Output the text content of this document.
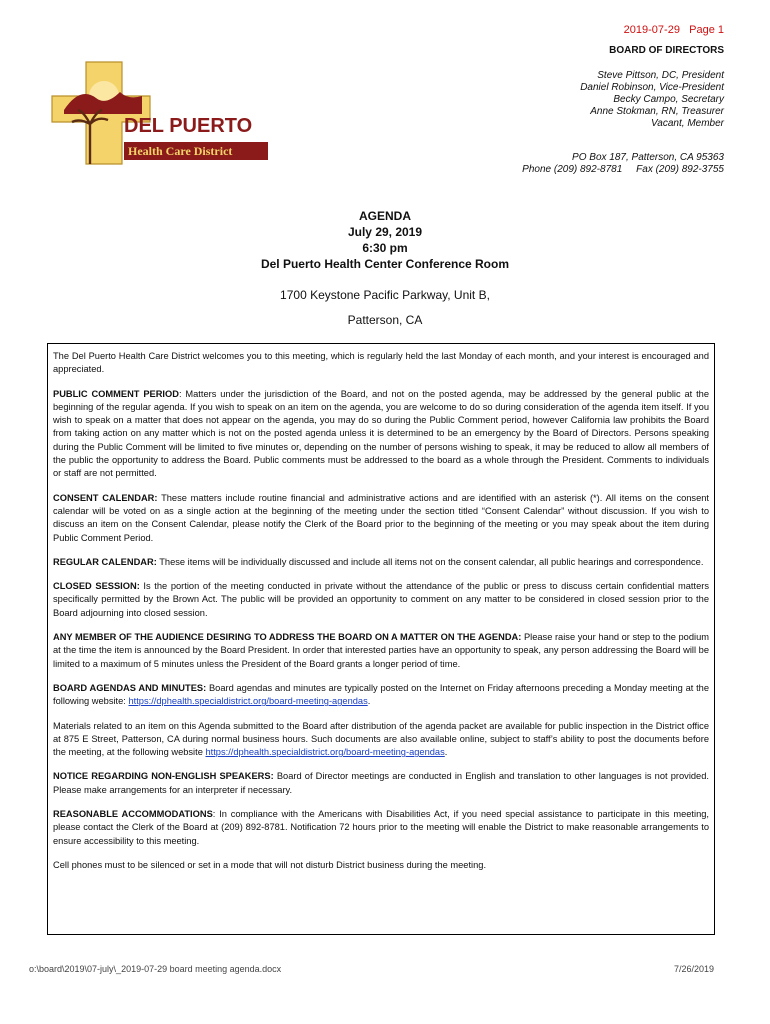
2019-07-29 Page 1
BOARD OF DIRECTORS
DEL PUERTO
Health Care District
Steve Pittson, DC, President
Daniel Robinson, Vice-President
Becky Campo, Secretary
Anne Stokman, RN, Treasurer
Vacant, Member
PO Box 187, Patterson, CA 95363
Phone (209) 892-8781 Fax (209) 892-3755
AGENDA
July 29, 2019
6:30 pm
Del Puerto Health Center Conference Room
1700 Keystone Pacific Parkway, Unit B,
Patterson, CA

The Del Puerto Health Care District welcomes you to this meeting, which is regularly held the last Monday of each month, and your interest is encouraged and appreciated.

PUBLIC COMMENT PERIOD: Matters under the jurisdiction of the Board, and not on the posted agenda, may be addressed by the general public at the beginning of the regular agenda. If you wish to speak on an item on the agenda, you are welcome to do so during consideration of the agenda item itself. If you wish to speak on a matter that does not appear on the agenda, you may do so during the Public Comment period, however California law prohibits the Board from taking action on any matter which is not on the posted agenda unless it is determined to be an emergency by the Board of Directors. Persons speaking during the Public Comment will be limited to five minutes or, depending on the number of persons wishing to speak, it may be reduced to allow all members of the public the opportunity to address the Board. Public comments must be addressed to the board as a whole through the President. Comments to individuals or staff are not permitted.

CONSENT CALENDAR: These matters include routine financial and administrative actions and are identified with an asterisk (*). All items on the consent calendar will be voted on as a single action at the beginning of the meeting under the section titled “Consent Calendar” without discussion. If you wish to discuss an item on the Consent Calendar, please notify the Clerk of the Board prior to the beginning of the meeting or you may speak about the item during Public Comment Period.

REGULAR CALENDAR: These items will be individually discussed and include all items not on the consent calendar, all public hearings and correspondence.

CLOSED SESSION: Is the portion of the meeting conducted in private without the attendance of the public or press to discuss certain confidential matters specifically permitted by the Brown Act. The public will be provided an opportunity to comment on any matter to be considered in closed session prior to the Board adjourning into closed session.

ANY MEMBER OF THE AUDIENCE DESIRING TO ADDRESS THE BOARD ON A MATTER ON THE AGENDA: Please raise your hand or step to the podium at the time the item is announced by the Board President. In order that interested parties have an opportunity to speak, any person addressing the Board will be limited to a maximum of 5 minutes unless the President of the Board grants a longer period of time.

BOARD AGENDAS AND MINUTES: Board agendas and minutes are typically posted on the Internet on Friday afternoons preceding a Monday meeting at the following website: https://dphealth.specialdistrict.org/board-meeting-agendas.

Materials related to an item on this Agenda submitted to the Board after distribution of the agenda packet are available for public inspection in the District office at 875 E Street, Patterson, CA during normal business hours. Such documents are also available online, subject to staff’s ability to post the documents before the meeting, at the following website https://dphealth.specialdistrict.org/board-meeting-agendas.

NOTICE REGARDING NON-ENGLISH SPEAKERS: Board of Director meetings are conducted in English and translation to other languages is not provided. Please make arrangements for an interpreter if necessary.

REASONABLE ACCOMMODATIONS: In compliance with the Americans with Disabilities Act, if you need special assistance to participate in this meeting, please contact the Clerk of the Board at (209) 892-8781. Notification 72 hours prior to the meeting will enable the District to make reasonable arrangements to ensure accessibility to this meeting.

Cell phones must to be silenced or set in a mode that will not disturb District business during the meeting.

o:\board\2019\07-july\_2019-07-29 board meeting agenda.docx	7/26/2019
